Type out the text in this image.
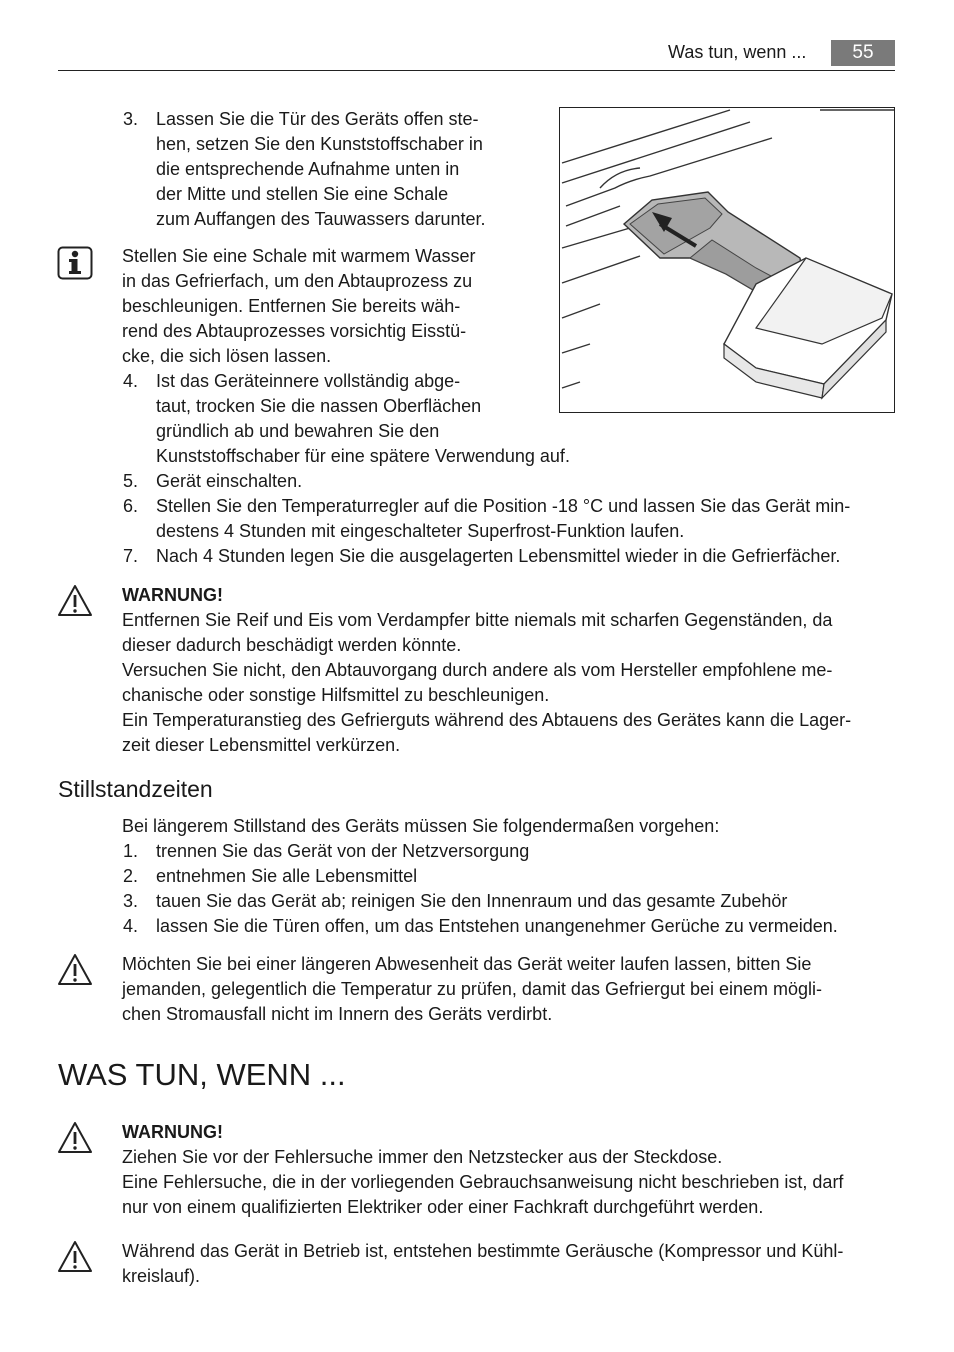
Was tun, wenn ...	55
3. Lassen Sie die Tür des Geräts offen ste-
hen, setzen Sie den Kunststoffschaber in
die entsprechende Aufnahme unten in
der Mitte und stellen Sie eine Schale
zum Auffangen des Tauwassers darunter.
Stellen Sie eine Schale mit warmem Wasser
in das Gefrierfach, um den Abtauprozess zu
beschleunigen. Entfernen Sie bereits wäh-
rend des Abtauprozesses vorsichtig Eisstü-
cke, die sich lösen lassen.
4. Ist das Geräteinnere vollständig abge-
taut, trocken Sie die nassen Oberflächen
gründlich ab und bewahren Sie den
Kunststoffschaber für eine spätere Verwendung auf.
5. Gerät einschalten.
6. Stellen Sie den Temperaturregler auf die Position -18 °C und lassen Sie das Gerät min-
destens 4 Stunden mit eingeschalteter Superfrost-Funktion laufen.
7. Nach 4 Stunden legen Sie die ausgelagerten Lebensmittel wieder in die Gefrierfächer.
WARNUNG!
Entfernen Sie Reif und Eis vom Verdampfer bitte niemals mit scharfen Gegenständen, da
dieser dadurch beschädigt werden könnte.
Versuchen Sie nicht, den Abtauvorgang durch andere als vom Hersteller empfohlene me-
chanische oder sonstige Hilfsmittel zu beschleunigen.
Ein Temperaturanstieg des Gefrierguts während des Abtauens des Gerätes kann die Lager-
zeit dieser Lebensmittel verkürzen.
Stillstandzeiten
Bei längerem Stillstand des Geräts müssen Sie folgendermaßen vorgehen:
1. trennen Sie das Gerät von der Netzversorgung
2. entnehmen Sie alle Lebensmittel
3. tauen Sie das Gerät ab; reinigen Sie den Innenraum und das gesamte Zubehör
4. lassen Sie die Türen offen, um das Entstehen unangenehmer Gerüche zu vermeiden.
Möchten Sie bei einer längeren Abwesenheit das Gerät weiter laufen lassen, bitten Sie
jemanden, gelegentlich die Temperatur zu prüfen, damit das Gefriergut bei einem mögli-
chen Stromausfall nicht im Innern des Geräts verdirbt.
WAS TUN, WENN ...
WARNUNG!
Ziehen Sie vor der Fehlersuche immer den Netzstecker aus der Steckdose.
Eine Fehlersuche, die in der vorliegenden Gebrauchsanweisung nicht beschrieben ist, darf
nur von einem qualifizierten Elektriker oder einer Fachkraft durchgeführt werden.
Während das Gerät in Betrieb ist, entstehen bestimmte Geräusche (Kompressor und Kühl-
kreislauf).
